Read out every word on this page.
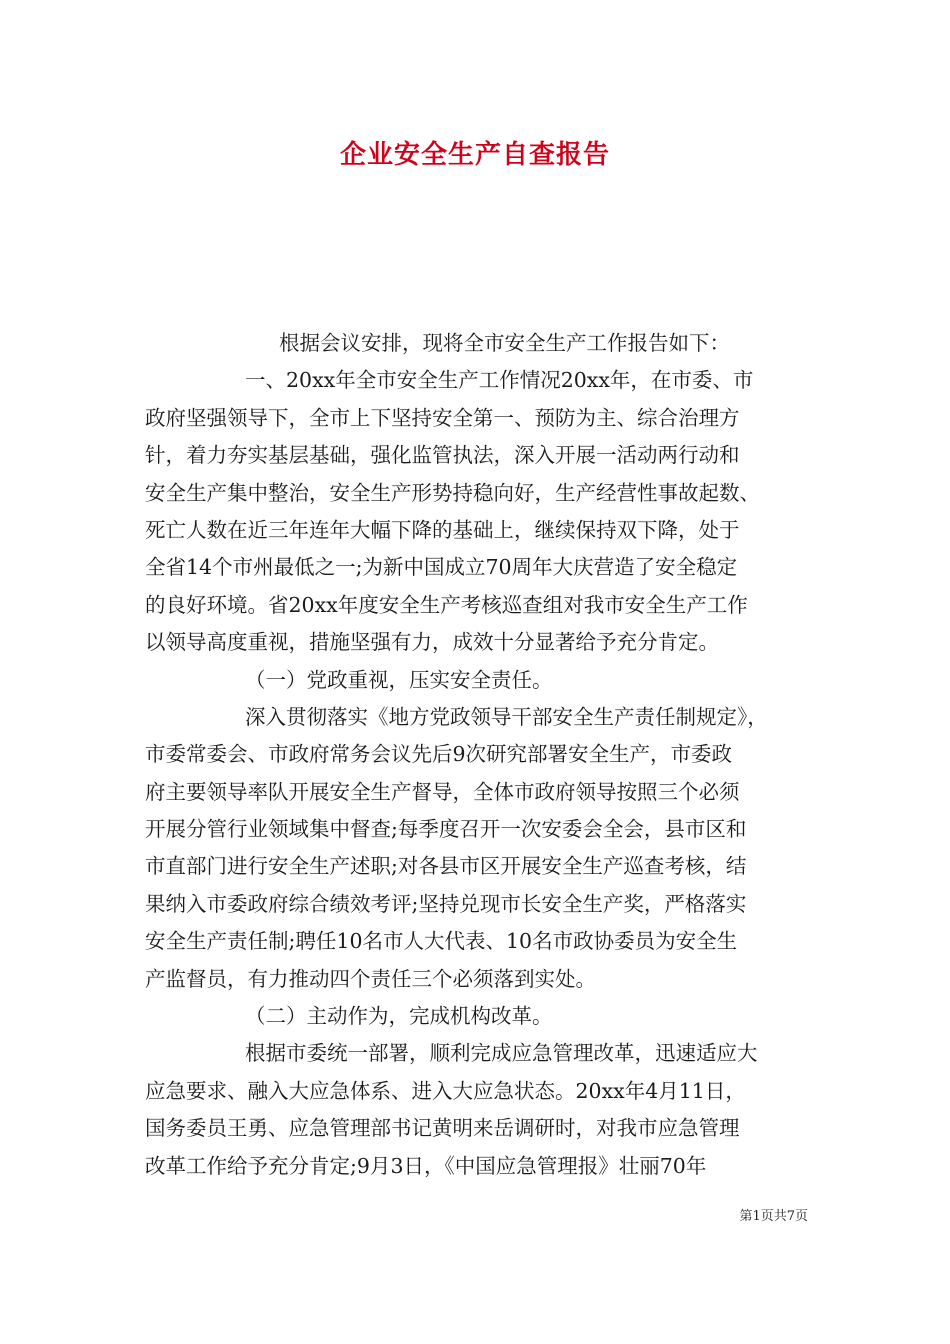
企业安全生产自查报告
根据会议安排，现将全市安全生产工作报告如下：
一、20xx年全市安全生产工作情况20xx年，在市委、市
政府坚强领导下，全市上下坚持安全第一、预防为主、综合治理方
针，着力夯实基层基础，强化监管执法，深入开展一活动两行动和
安全生产集中整治，安全生产形势持稳向好，生产经营性事故起数、
死亡人数在近三年连年大幅下降的基础上，继续保持双下降，处于
全省14个市州最低之一;为新中国成立70周年大庆营造了安全稳定
的良好环境。省20xx年度安全生产考核巡查组对我市安全生产工作
以领导高度重视，措施坚强有力，成效十分显著给予充分肯定。
（一）党政重视，压实安全责任。
深入贯彻落实《地方党政领导干部安全生产责任制规定》，
市委常委会、市政府常务会议先后9次研究部署安全生产，市委政
府主要领导率队开展安全生产督导，全体市政府领导按照三个必须
开展分管行业领域集中督查;每季度召开一次安委会全会，县市区和
市直部门进行安全生产述职;对各县市区开展安全生产巡查考核，结
果纳入市委政府综合绩效考评;坚持兑现市长安全生产奖，严格落实
安全生产责任制;聘任10名市人大代表、10名市政协委员为安全生
产监督员，有力推动四个责任三个必须落到实处。
（二）主动作为，完成机构改革。
根据市委统一部署，顺利完成应急管理改革，迅速适应大
应急要求、融入大应急体系、进入大应急状态。20xx年4月11日，
国务委员王勇、应急管理部书记黄明来岳调研时，对我市应急管理
改革工作给予充分肯定;9月3日，《中国应急管理报》壮丽70年
第1页共7页
